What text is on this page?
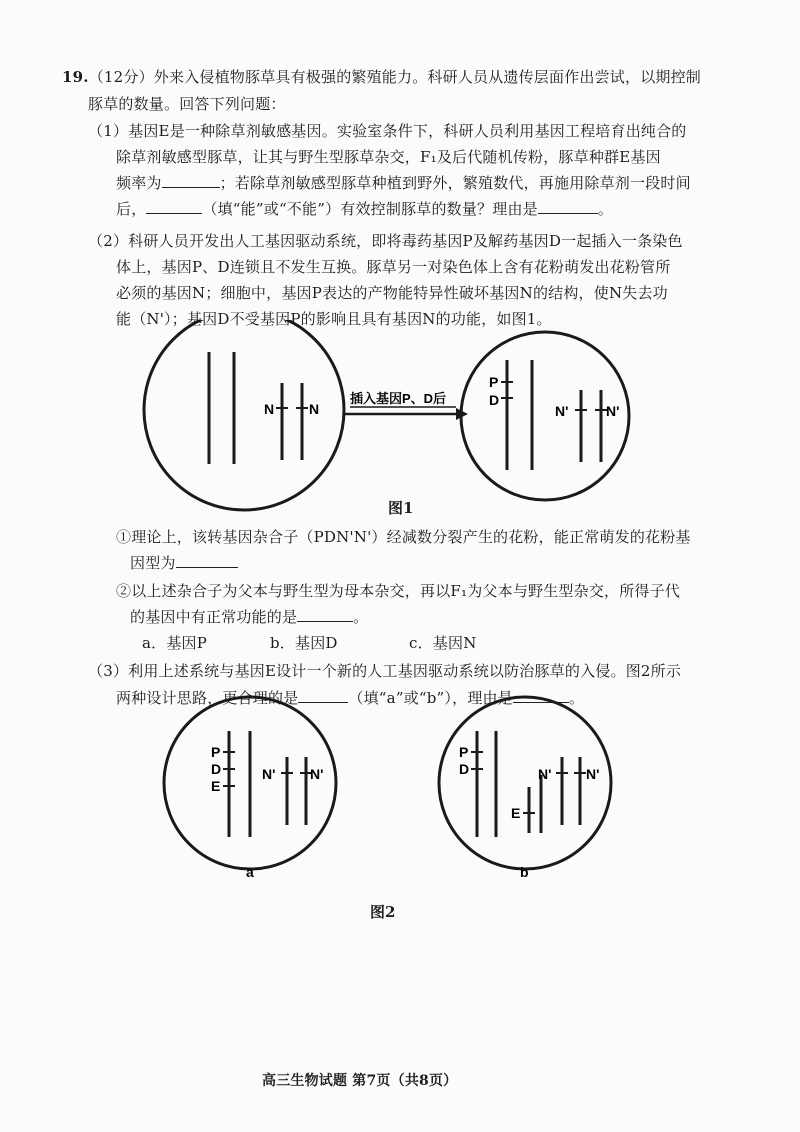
19.（12分）外来入侵植物豚草具有极强的繁殖能力。科研人员从遗传层面作出尝试，以期控制
豚草的数量。回答下列问题：
（1）基因E是一种除草剂敏感基因。实验室条件下，科研人员利用基因工程培育出纯合的
除草剂敏感型豚草，让其与野生型豚草杂交，F₁及后代随机传粉，豚草种群E基因
频率为	；若除草剂敏感型豚草种植到野外，繁殖数代，再施用除草剂一段时间
后，	（填“能”或“不能”）有效控制豚草的数量？理由是	。
（2）科研人员开发出人工基因驱动系统，即将毒药基因P及解药基因D一起插入一条染色
体上，基因P、D连锁且不发生互换。豚草另一对染色体上含有花粉萌发出花粉管所
必须的基因N；细胞中，基因P表达的产物能特异性破坏基因N的结构，使N失去功
能（N'）；基因D不受基因P的影响且具有基因N的功能，如图1。
N N
插入基因P、D后
P
D
N'	N'
图1
①理论上，该转基因杂合子（PDN'N'）经减数分裂产生的花粉，能正常萌发的花粉基
因型为
②以上述杂合子为父本与野生型为母本杂交，再以F₁为父本与野生型杂交，所得子代
的基因中有正常功能的是	。
a．基因P	b．基因D	c．基因N
（3）利用上述系统与基因E设计一个新的人工基因驱动系统以防治豚草的入侵。图2所示
两种设计思路，更合理的是	（填“a”或“b”），理由是	。
P
D
E
N' N'
a
P
D
E
N' N'
b
图2
高三生物试题 第7页（共8页）
